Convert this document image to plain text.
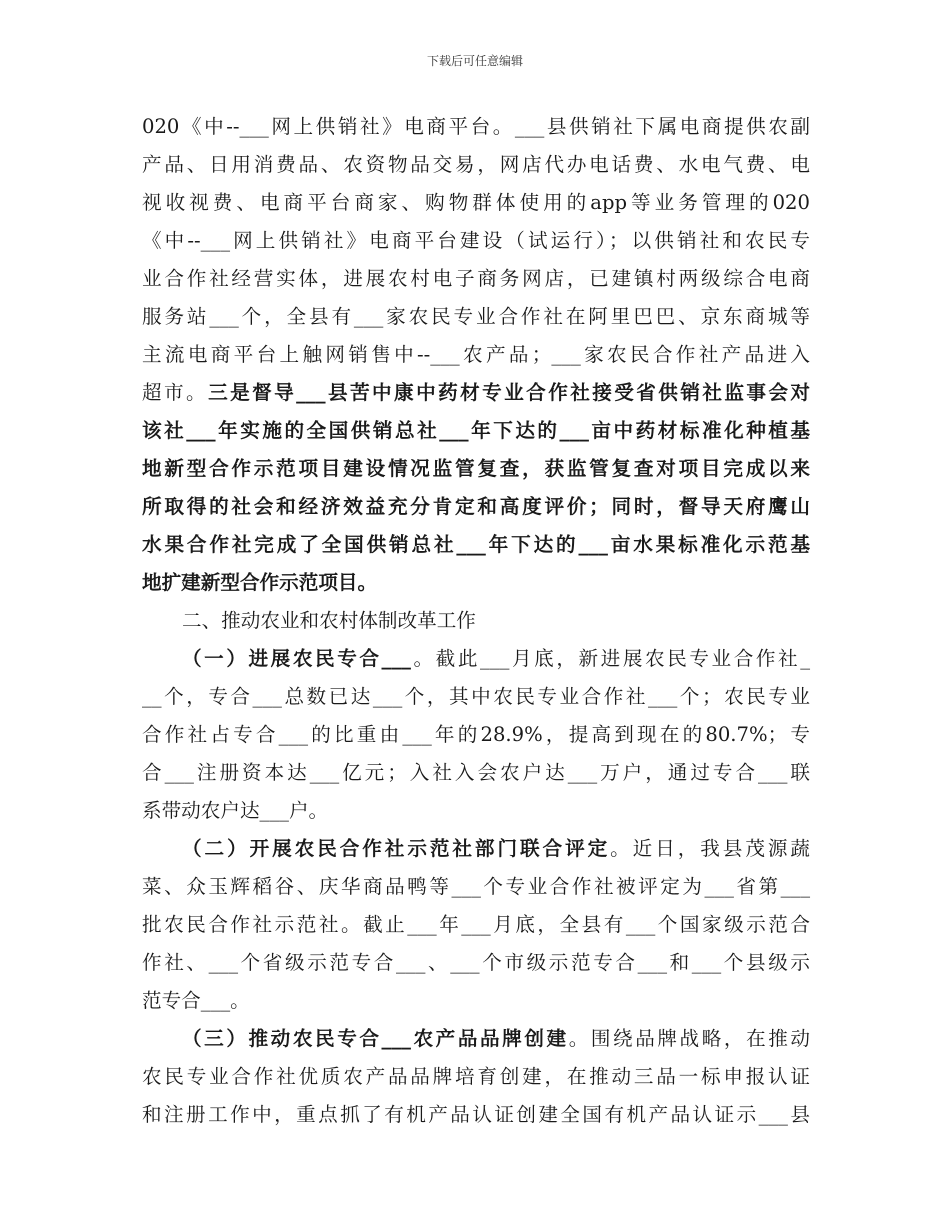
下载后可任意编辑
020《中--___网上供销社》电商平台。___县供销社下属电商提供农副
产品、日用消费品、农资物品交易，网店代办电话费、水电气费、电
视收视费、电商平台商家、购物群体使用的app等业务管理的020
《中--___网上供销社》电商平台建设（试运行）；以供销社和农民专
业合作社经营实体，进展农村电子商务网店，已建镇村两级综合电商
服务站___个，全县有___家农民专业合作社在阿里巴巴、京东商城等
主流电商平台上触网销售中--___农产品；___家农民合作社产品进入
超市。三是督导___县苦中康中药材专业合作社接受省供销社监事会对
该社___年实施的全国供销总社___年下达的___亩中药材标准化种植基
地新型合作示范项目建设情况监管复查，获监管复查对项目完成以来
所取得的社会和经济效益充分肯定和高度评价；同时，督导天府鹰山
水果合作社完成了全国供销总社___年下达的___亩水果标准化示范基
地扩建新型合作示范项目。
二、推动农业和农村体制改革工作
（一）进展农民专合___。截此___月底，新进展农民专业合作社_
__个，专合___总数已达___个，其中农民专业合作社___个；农民专业
合作社占专合___的比重由___年的28.9%，提高到现在的80.7%；专
合___注册资本达___亿元；入社入会农户达___万户，通过专合___联
系带动农户达___户。
（二）开展农民合作社示范社部门联合评定。近日，我县茂源蔬
菜、众玉辉稻谷、庆华商品鸭等___个专业合作社被评定为___省第___
批农民合作社示范社。截止___年___月底，全县有___个国家级示范合
作社、___个省级示范专合___、___个市级示范专合___和___个县级示
范专合___。
（三）推动农民专合___农产品品牌创建。围绕品牌战略，在推动
农民专业合作社优质农产品品牌培育创建，在推动三品一标申报认证
和注册工作中，重点抓了有机产品认证创建全国有机产品认证示___县
